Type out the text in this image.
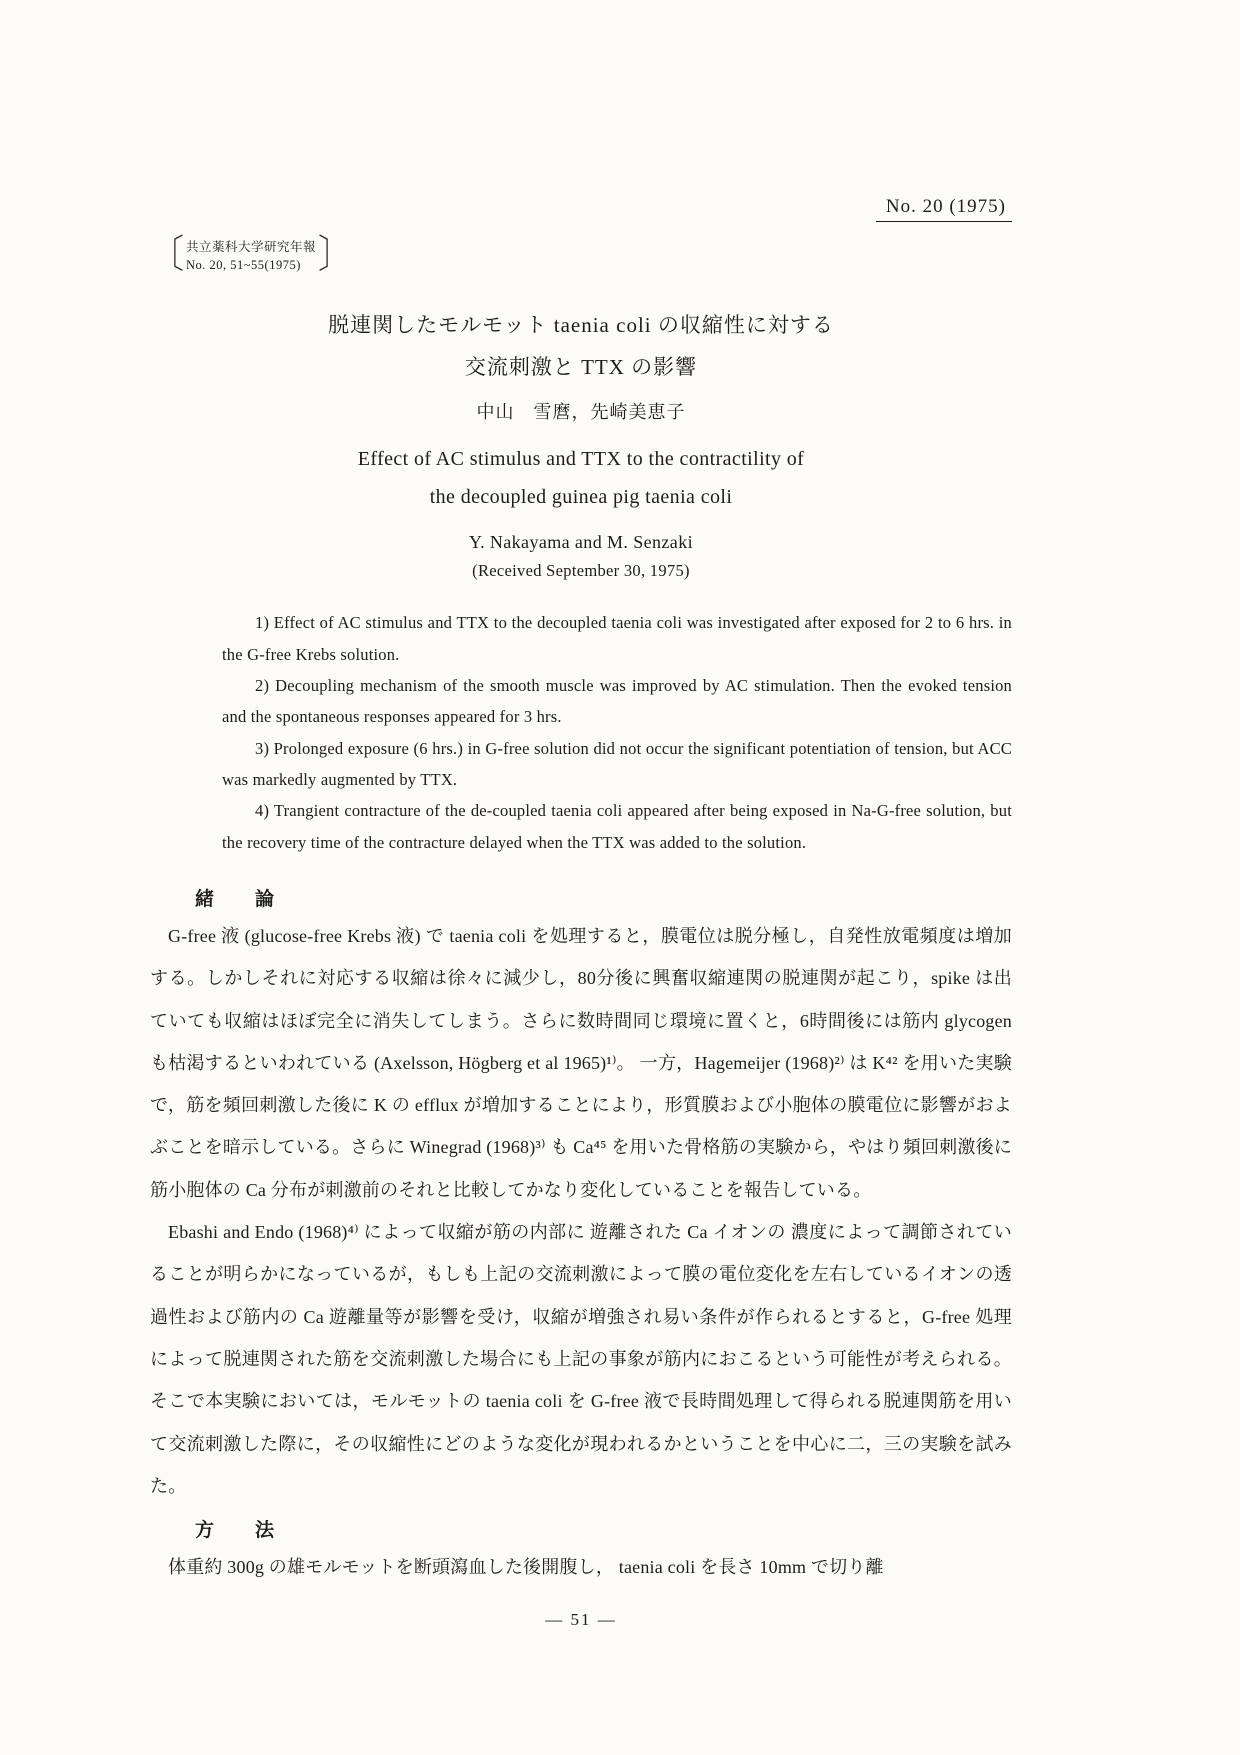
No. 20 (1975)
〔 共立薬科大学研究年報
No. 20, 51~55(1975) 〕
脱連関したモルモット taenia coli の収縮性に対する
交流刺激と TTX の影響
中山　雪麿，先崎美恵子
Effect of AC stimulus and TTX to the contractility of
the decoupled guinea pig taenia coli
Y. Nakayama and M. Senzaki
(Received September 30, 1975)

1) Effect of AC stimulus and TTX to the decoupled taenia coli was investigated after exposed for 2 to 6 hrs. in the G-free Krebs solution.

2) Decoupling mechanism of the smooth muscle was improved by AC stimulation. Then the evoked tension and the spontaneous responses appeared for 3 hrs.

3) Prolonged exposure (6 hrs.) in G-free solution did not occur the significant potentiation of tension, but ACC was markedly augmented by TTX.

4) Trangient contracture of the de-coupled taenia coli appeared after being exposed in Na-G-free solution, but the recovery time of the contracture delayed when the TTX was added to the solution.

緒　　論

G-free 液 (glucose-free Krebs 液) で taenia coli を処理すると，膜電位は脱分極し，自発性放電頻度は増加する。しかしそれに対応する収縮は徐々に減少し，80分後に興奮収縮連関の脱連関が起こり，spike は出ていても収縮はほぼ完全に消失してしまう。さらに数時間同じ環境に置くと，6時間後には筋内 glycogen も枯渇するといわれている (Axelsson, Högberg et al 1965)¹⁾。 一方，Hagemeijer (1968)²⁾ は K⁴² を用いた実験で，筋を頻回刺激した後に K の efflux が増加することにより，形質膜および小胞体の膜電位に影響がおよぶことを暗示している。さらに Winegrad (1968)³⁾ も Ca⁴⁵ を用いた骨格筋の実験から，やはり頻回刺激後に筋小胞体の Ca 分布が刺激前のそれと比較してかなり変化していることを報告している。

Ebashi and Endo (1968)⁴⁾ によって収縮が筋の内部に 遊離された Ca イオンの 濃度によって調節されていることが明らかになっているが，もしも上記の交流刺激によって膜の電位変化を左右しているイオンの透過性および筋内の Ca 遊離量等が影響を受け，収縮が増強され易い条件が作られるとすると，G-free 処理によって脱連関された筋を交流刺激した場合にも上記の事象が筋内におこるという可能性が考えられる。そこで本実験においては，モルモットの taenia coli を G-free 液で長時間処理して得られる脱連関筋を用いて交流刺激した際に，その収縮性にどのような変化が現われるかということを中心に二，三の実験を試みた。

方　　法

体重約 300g の雄モルモットを断頭瀉血した後開腹し， taenia coli を長さ 10mm で切り離

— 51 —
